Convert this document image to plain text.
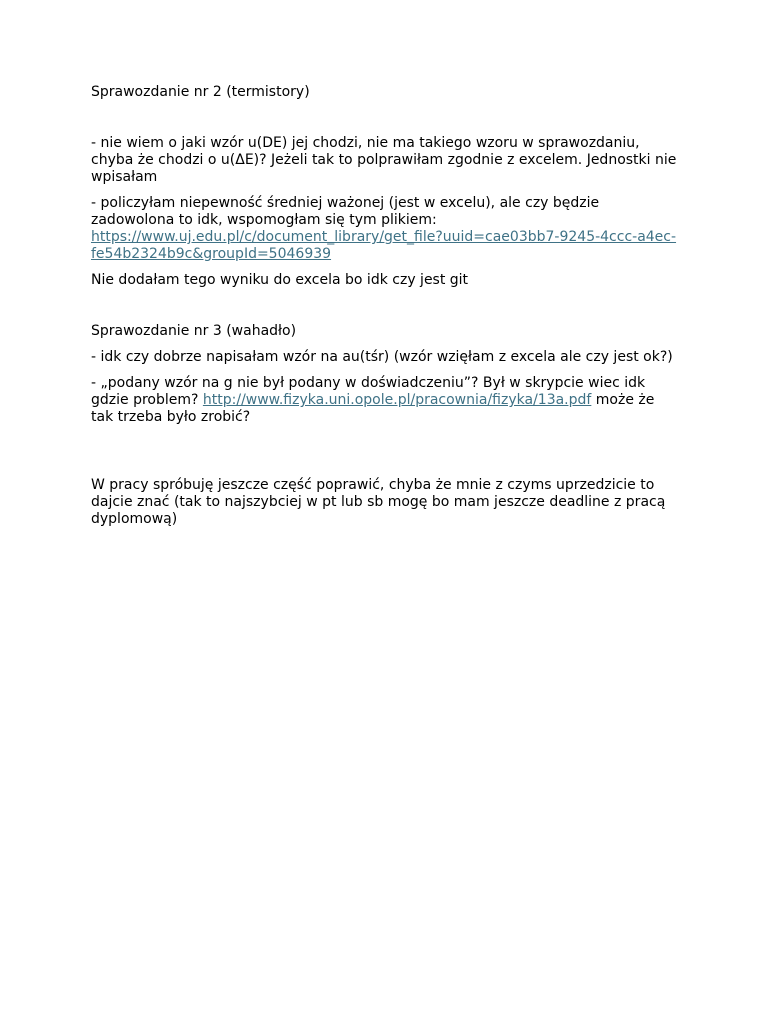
Sprawozdanie nr 2 (termistory)

- nie wiem o jaki wzór u(DE) jej chodzi, nie ma takiego wzoru w sprawozdaniu, chyba że chodzi o u(ΔE)? Jeżeli tak to polprawiłam zgodnie z excelem. Jednostki nie wpisałam

- policzyłam niepewność średniej ważonej (jest w excelu), ale czy będzie zadowolona to idk, wspomogłam się tym plikiem: https://www.uj.edu.pl/c/document_library/get_file?uuid=cae03bb7-9245-4ccc-a4ec-fe54b2324b9c&groupId=5046939

Nie dodałam tego wyniku do excela bo idk czy jest git

Sprawozdanie nr 3 (wahadło)

- idk czy dobrze napisałam wzór na au(tśr) (wzór wzięłam z excela ale czy jest ok?)

- „podany wzór na g nie był podany w doświadczeniu”? Był w skrypcie wiec idk gdzie problem? http://www.fizyka.uni.opole.pl/pracownia/fizyka/13a.pdf może że tak trzeba było zrobić?

W pracy spróbuję jeszcze część poprawić, chyba że mnie z czyms uprzedzicie to dajcie znać (tak to najszybciej w pt lub sb mogę bo mam jeszcze deadline z pracą dyplomową)
